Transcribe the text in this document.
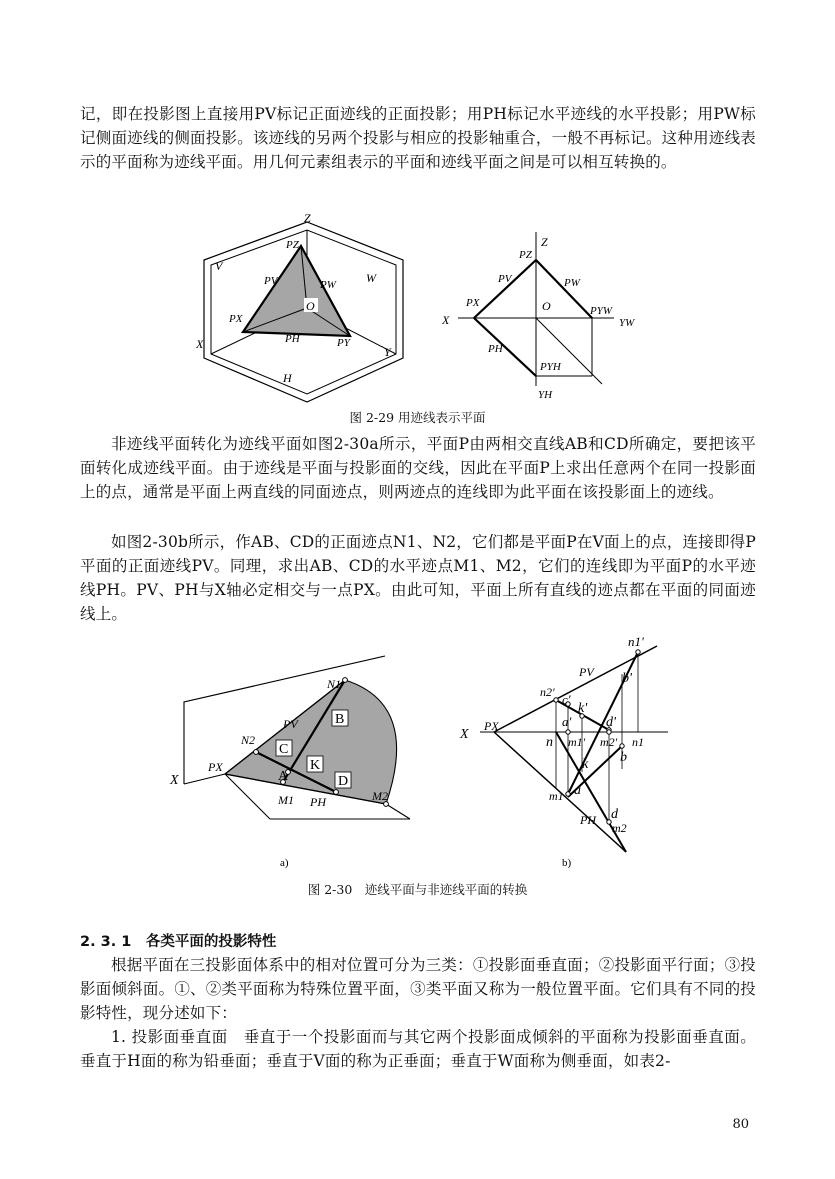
记，即在投影图上直接用PV标记正面迹线的正面投影；用PH标记水平迹线的水平投影；用PW标记侧面迹线的侧面投影。该迹线的另两个投影与相应的投影轴重合，一般不再标记。这种用迹线表示的平面称为迹线平面。用几何元素组表示的平面和迹线平面之间是可以相互转换的。

Z
V
W
X
Y
H
O
PZ
PV	PW
PX
PH	PY
Z
X
O
PZ
PV	PW
PX
PYW
YW
PH
PYH
YH
图 2-29 用迹线表示平面

非迹线平面转化为迹线平面如图2-30a所示，平面P由两相交直线AB和CD所确定，要把该平面转化成迹线平面。由于迹线是平面与投影面的交线，因此在平面P上求出任意两个在同一投影面上的点，通常是平面上两直线的同面迹点，则两迹点的连线即为此平面在该投影面上的迹线。

如图2-30b所示，作AB、CD的正面迹点N1、N2，它们都是平面P在V面上的点，连接即得P平面的正面迹线PV。同理，求出AB、CD的水平迹点M1、M2，它们的连线即为平面P的水平迹线PH。PV、PH与X轴必定相交与一点PX。由此可知，平面上所有直线的迹点都在平面的同面迹线上。

N1
PV	B
N2
C
K
A	D
PX
X
M1 PH	M2
n1'
PV b'
n2' c'
k'
a' d'
PX
X
n m1' m2' n1
b
k
m1 a
d
PH
m2
a)	b)
图 2-30　迹线平面与非迹线平面的转换
2. 3. 1　各类平面的投影特性

根据平面在三投影面体系中的相对位置可分为三类：①投影面垂直面；②投影面平行面；③投影面倾斜面。①、②类平面称为特殊位置平面，③类平面又称为一般位置平面。它们具有不同的投影特性，现分述如下：

1. 投影面垂直面　垂直于一个投影面而与其它两个投影面成倾斜的平面称为投影面垂直面。垂直于H面的称为铅垂面；垂直于V面的称为正垂面；垂直于W面称为侧垂面，如表2-

80
